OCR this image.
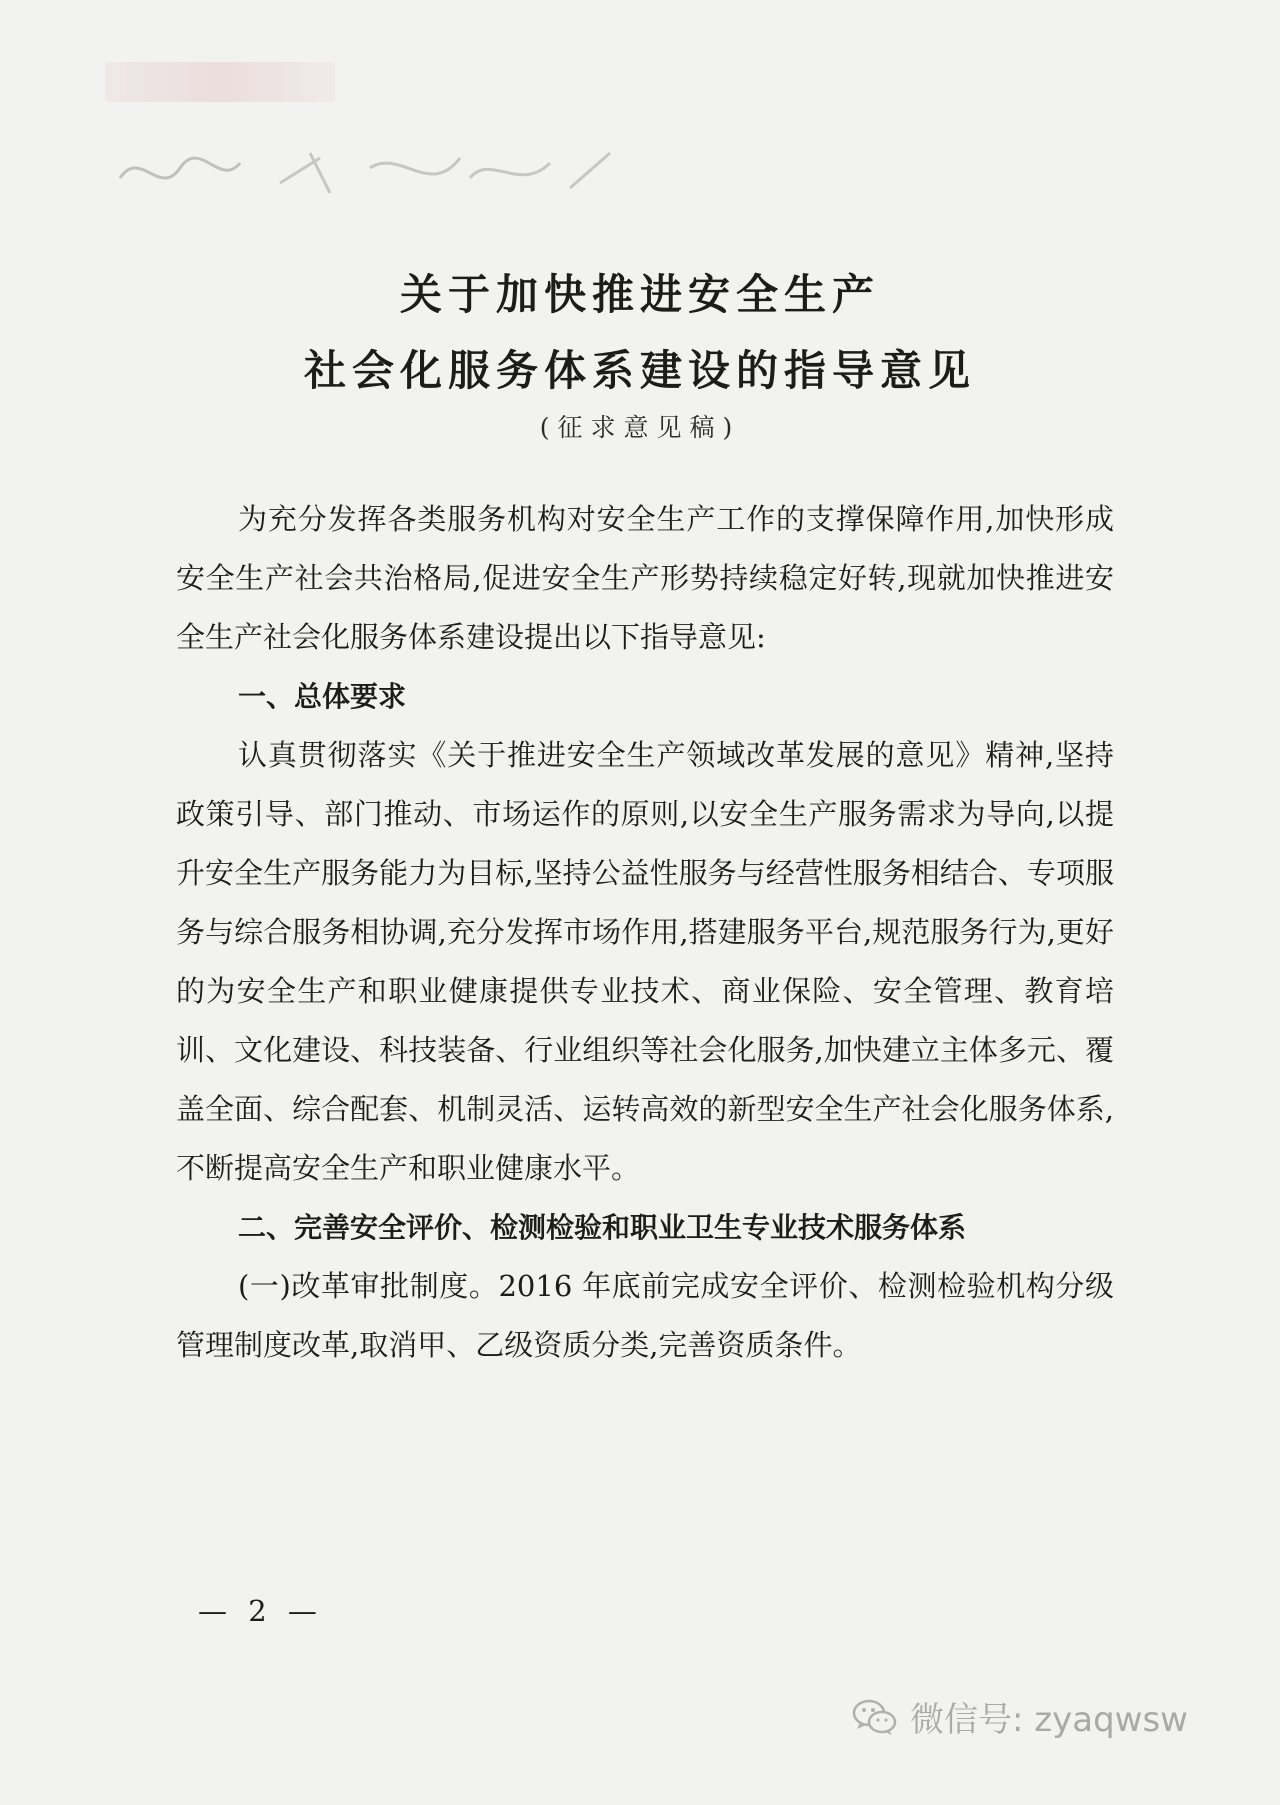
关于加快推进安全生产
社会化服务体系建设的指导意见
(征求意见稿)

为充分发挥各类服务机构对安全生产工作的支撑保障作用,加快形成安全生产社会共治格局,促进安全生产形势持续稳定好转,现就加快推进安全生产社会化服务体系建设提出以下指导意见:

一、总体要求

认真贯彻落实《关于推进安全生产领域改革发展的意见》精神,坚持政策引导、部门推动、市场运作的原则,以安全生产服务需求为导向,以提升安全生产服务能力为目标,坚持公益性服务与经营性服务相结合、专项服务与综合服务相协调,充分发挥市场作用,搭建服务平台,规范服务行为,更好的为安全生产和职业健康提供专业技术、商业保险、安全管理、教育培训、文化建设、科技装备、行业组织等社会化服务,加快建立主体多元、覆盖全面、综合配套、机制灵活、运转高效的新型安全生产社会化服务体系,不断提高安全生产和职业健康水平。

二、完善安全评价、检测检验和职业卫生专业技术服务体系

(一)改革审批制度。2016 年底前完成安全评价、检测检验机构分级管理制度改革,取消甲、乙级资质分类,完善资质条件。

— 2 —
微信号: zyaqwsw
